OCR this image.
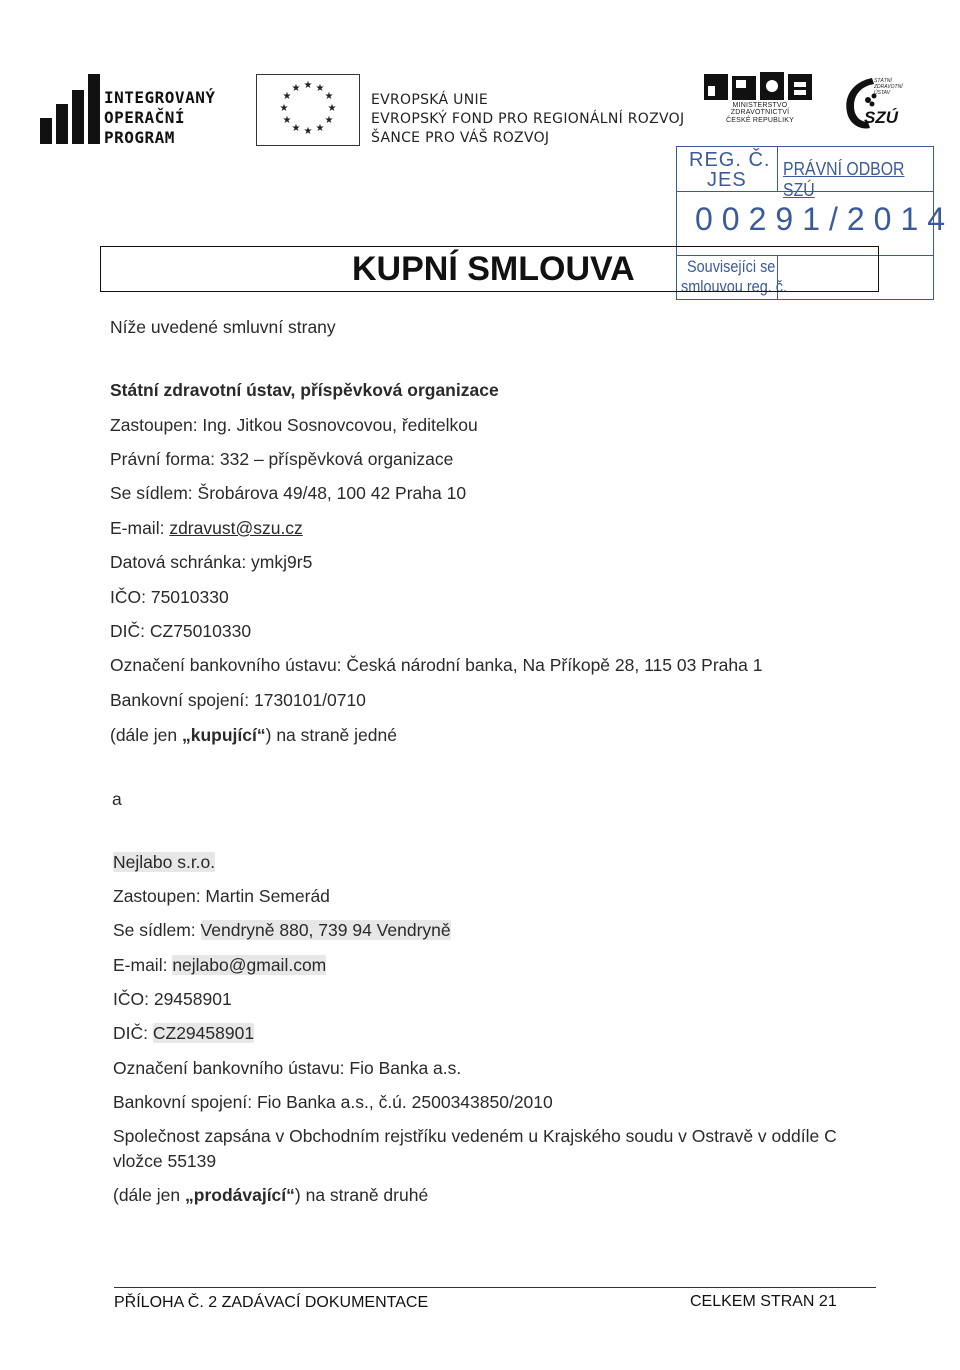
INTEGROVANÝ
OPERAČNÍ
PROGRAM
★ ★
★
★
★
★
★
★
★
★
★
★
EVROPSKÁ UNIE
EVROPSKÝ FOND PRO REGIONÁLNÍ ROZVOJ
ŠANCE PRO VÁŠ ROZVOJ
MINISTERSTVO ZDRAVOTNICTVÍ
ČESKÉ REPUBLIKY
STÁTNÍ
ZDRAVOTNÍ
ÚSTAV
SZÚ
REG. Č.
JES PRÁVNÍ ODBOR SZÚ
00291/2014
Souvisejíci se
smlouvou reg. č.
KUPNÍ SMLOUVA
Níže uvedené smluvní strany
Státní zdravotní ústav, příspěvková organizace
Zastoupen: Ing. Jitkou Sosnovcovou, ředitelkou
Právní forma: 332 – příspěvková organizace
Se sídlem: Šrobárova 49/48, 100 42 Praha 10
E-mail: zdravust@szu.cz
Datová schránka: ymkj9r5
IČO: 75010330
DIČ: CZ75010330
Označení bankovního ústavu: Česká národní banka, Na Příkopě 28, 115 03 Praha 1
Bankovní spojení: 1730101/0710
(dále jen „kupující“) na straně jedné
a
Nejlabo s.r.o.
Zastoupen: Martin Semerád
Se sídlem: Vendryně 880, 739 94 Vendryně
E-mail: nejlabo@gmail.com
IČO: 29458901
DIČ: CZ29458901
Označení bankovního ústavu: Fio Banka a.s.
Bankovní spojení: Fio Banka a.s., č.ú. 2500343850/2010
Společnost zapsána v Obchodním rejstříku vedeném u Krajského soudu v Ostravě v oddíle C
vložce 55139
(dále jen „prodávající“) na straně druhé
PŘÍLOHA Č. 2 ZADÁVACÍ DOKUMENTACE	CELKEM STRAN 21
